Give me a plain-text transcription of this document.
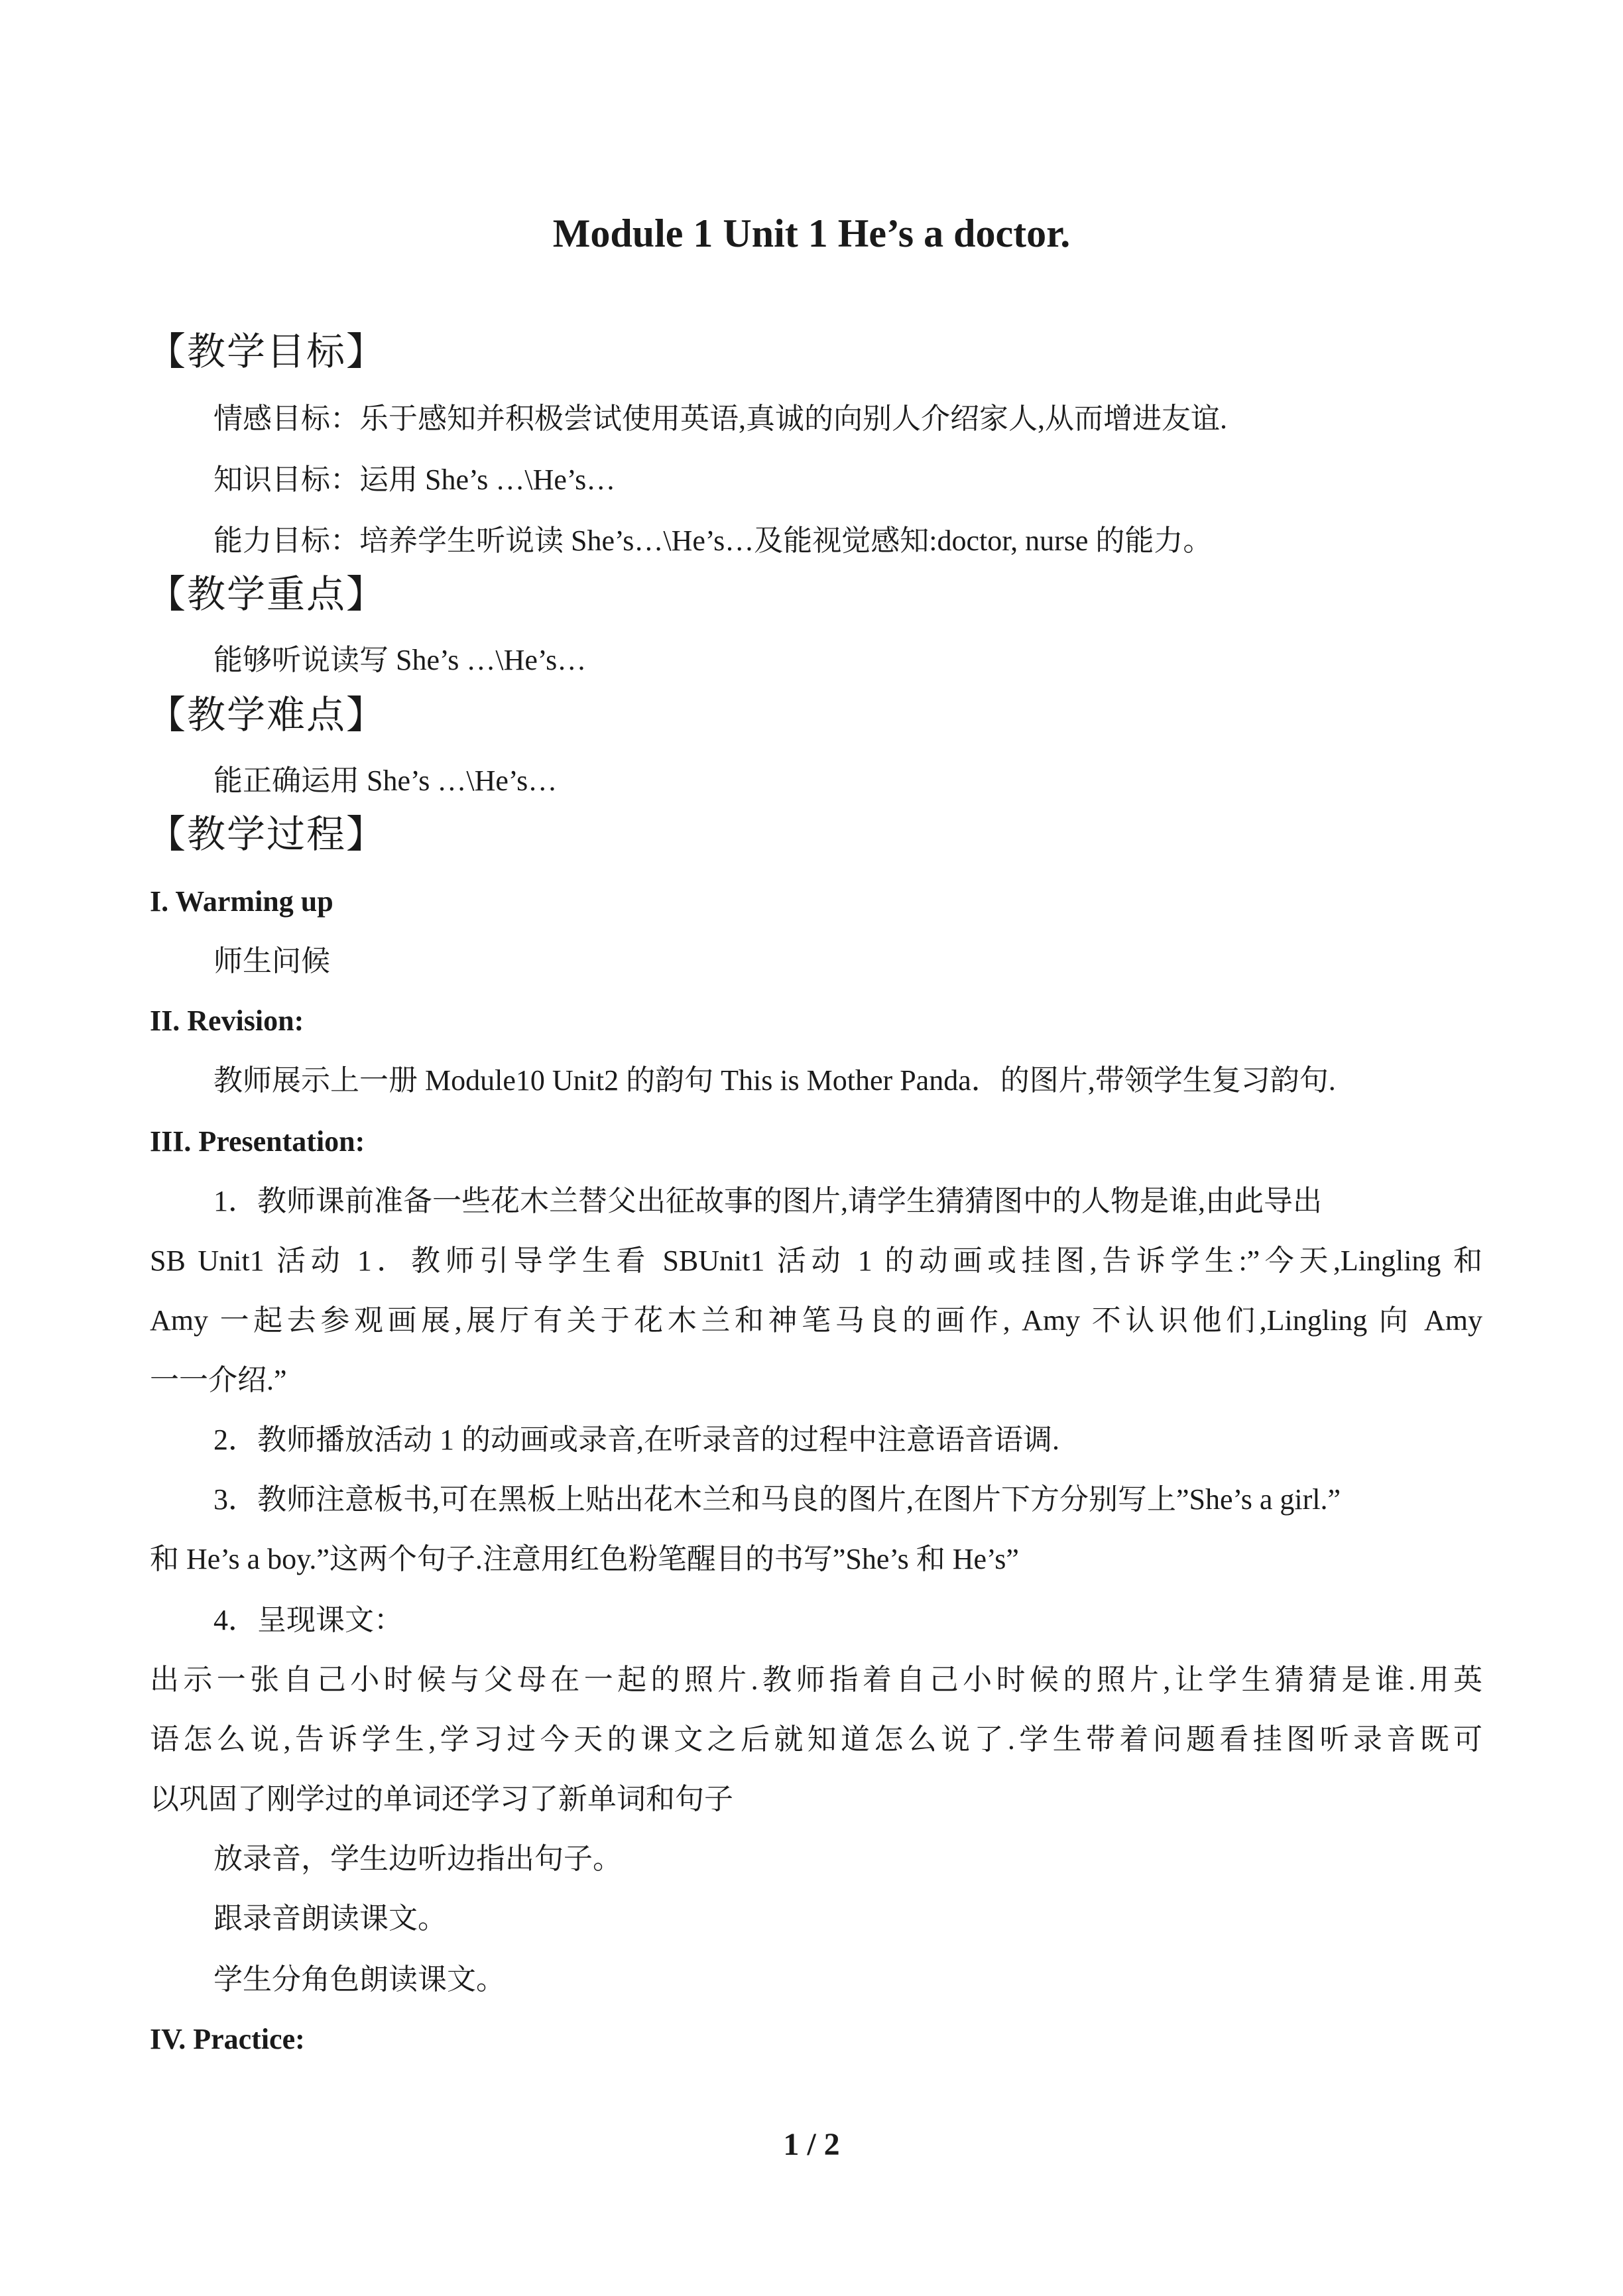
Module 1 Unit 1 He’s a doctor.
【教学目标】
情感目标：乐于感知并积极尝试使用英语,真诚的向别人介绍家人,从而增进友谊.
知识目标：运用 She’s …\He’s…
能力目标：培养学生听说读 She’s…\He’s…及能视觉感知:doctor, nurse 的能力。
【教学重点】
能够听说读写 She’s …\He’s…
【教学难点】
能正确运用 She’s …\He’s…
【教学过程】
I. Warming up
师生问候
II. Revision:
教师展示上一册 Module10 Unit2 的韵句 This is Mother Panda．的图片,带领学生复习韵句.
III. Presentation:
1．教师课前准备一些花木兰替父出征故事的图片,请学生猜猜图中的人物是谁,由此导出
SB Unit1 活动 1．教师引导学生看 SBUnit1 活动 1 的动画或挂图,告诉学生:”今天,Lingling 和
Amy 一起去参观画展,展厅有关于花木兰和神笔马良的画作, Amy 不认识他们,Lingling 向 Amy
一一介绍.”
2．教师播放活动 1 的动画或录音,在听录音的过程中注意语音语调.
3．教师注意板书,可在黑板上贴出花木兰和马良的图片,在图片下方分别写上”She’s a girl.”
和 He’s a boy.”这两个句子.注意用红色粉笔醒目的书写”She’s 和 He’s”
4．呈现课文：
出示一张自己小时候与父母在一起的照片.教师指着自己小时候的照片,让学生猜猜是谁.用英
语怎么说,告诉学生,学习过今天的课文之后就知道怎么说了.学生带着问题看挂图听录音既可
以巩固了刚学过的单词还学习了新单词和句子
放录音，学生边听边指出句子。
跟录音朗读课文。
学生分角色朗读课文。
IV. Practice:
1 / 2
